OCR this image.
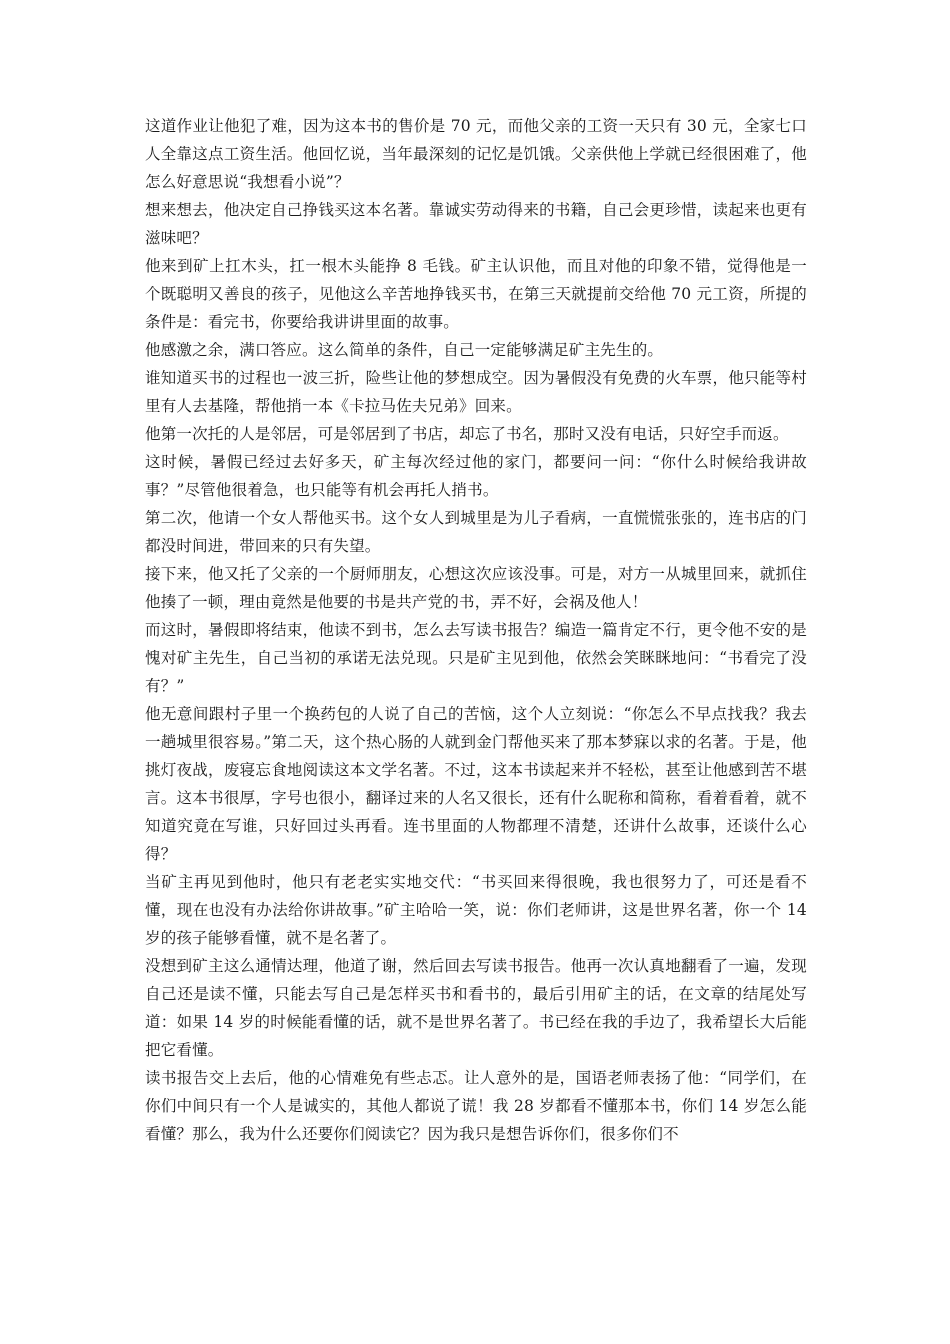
这道作业让他犯了难，因为这本书的售价是 70 元，而他父亲的工资一天只有 30 元，全家七口人全靠这点工资生活。他回忆说，当年最深刻的记忆是饥饿。父亲供他上学就已经很困难了，他怎么好意思说“我想看小说”？

想来想去，他决定自己挣钱买这本名著。靠诚实劳动得来的书籍，自己会更珍惜，读起来也更有滋味吧？

他来到矿上扛木头，扛一根木头能挣 8 毛钱。矿主认识他，而且对他的印象不错，觉得他是一个既聪明又善良的孩子，见他这么辛苦地挣钱买书，在第三天就提前交给他 70 元工资，所提的条件是：看完书，你要给我讲讲里面的故事。

他感激之余，满口答应。这么简单的条件，自己一定能够满足矿主先生的。

谁知道买书的过程也一波三折，险些让他的梦想成空。因为暑假没有免费的火车票，他只能等村里有人去基隆，帮他捎一本《卡拉马佐夫兄弟》回来。

他第一次托的人是邻居，可是邻居到了书店，却忘了书名，那时又没有电话，只好空手而返。

这时候，暑假已经过去好多天，矿主每次经过他的家门，都要问一问：“你什么时候给我讲故事？”尽管他很着急，也只能等有机会再托人捎书。

第二次，他请一个女人帮他买书。这个女人到城里是为儿子看病，一直慌慌张张的，连书店的门都没时间进，带回来的只有失望。

接下来，他又托了父亲的一个厨师朋友，心想这次应该没事。可是，对方一从城里回来，就抓住他揍了一顿，理由竟然是他要的书是共产党的书，弄不好，会祸及他人！

而这时，暑假即将结束，他读不到书，怎么去写读书报告？编造一篇肯定不行，更令他不安的是愧对矿主先生，自己当初的承诺无法兑现。只是矿主见到他，依然会笑眯眯地问：“书看完了没有？”

他无意间跟村子里一个换药包的人说了自己的苦恼，这个人立刻说：“你怎么不早点找我？我去一趟城里很容易。”第二天，这个热心肠的人就到金门帮他买来了那本梦寐以求的名著。于是，他挑灯夜战，废寝忘食地阅读这本文学名著。不过，这本书读起来并不轻松，甚至让他感到苦不堪言。这本书很厚，字号也很小，翻译过来的人名又很长，还有什么昵称和简称，看着看着，就不知道究竟在写谁，只好回过头再看。连书里面的人物都理不清楚，还讲什么故事，还谈什么心得？

当矿主再见到他时，他只有老老实实地交代：“书买回来得很晚，我也很努力了，可还是看不懂，现在也没有办法给你讲故事。”矿主哈哈一笑，说：你们老师讲，这是世界名著，你一个 14 岁的孩子能够看懂，就不是名著了。

没想到矿主这么通情达理，他道了谢，然后回去写读书报告。他再一次认真地翻看了一遍，发现自己还是读不懂，只能去写自己是怎样买书和看书的，最后引用矿主的话，在文章的结尾处写道：如果 14 岁的时候能看懂的话，就不是世界名著了。书已经在我的手边了，我希望长大后能把它看懂。

读书报告交上去后，他的心情难免有些忐忑。让人意外的是，国语老师表扬了他：“同学们，在你们中间只有一个人是诚实的，其他人都说了谎！我 28 岁都看不懂那本书，你们 14 岁怎么能看懂？那么，我为什么还要你们阅读它？因为我只是想告诉你们，很多你们不
